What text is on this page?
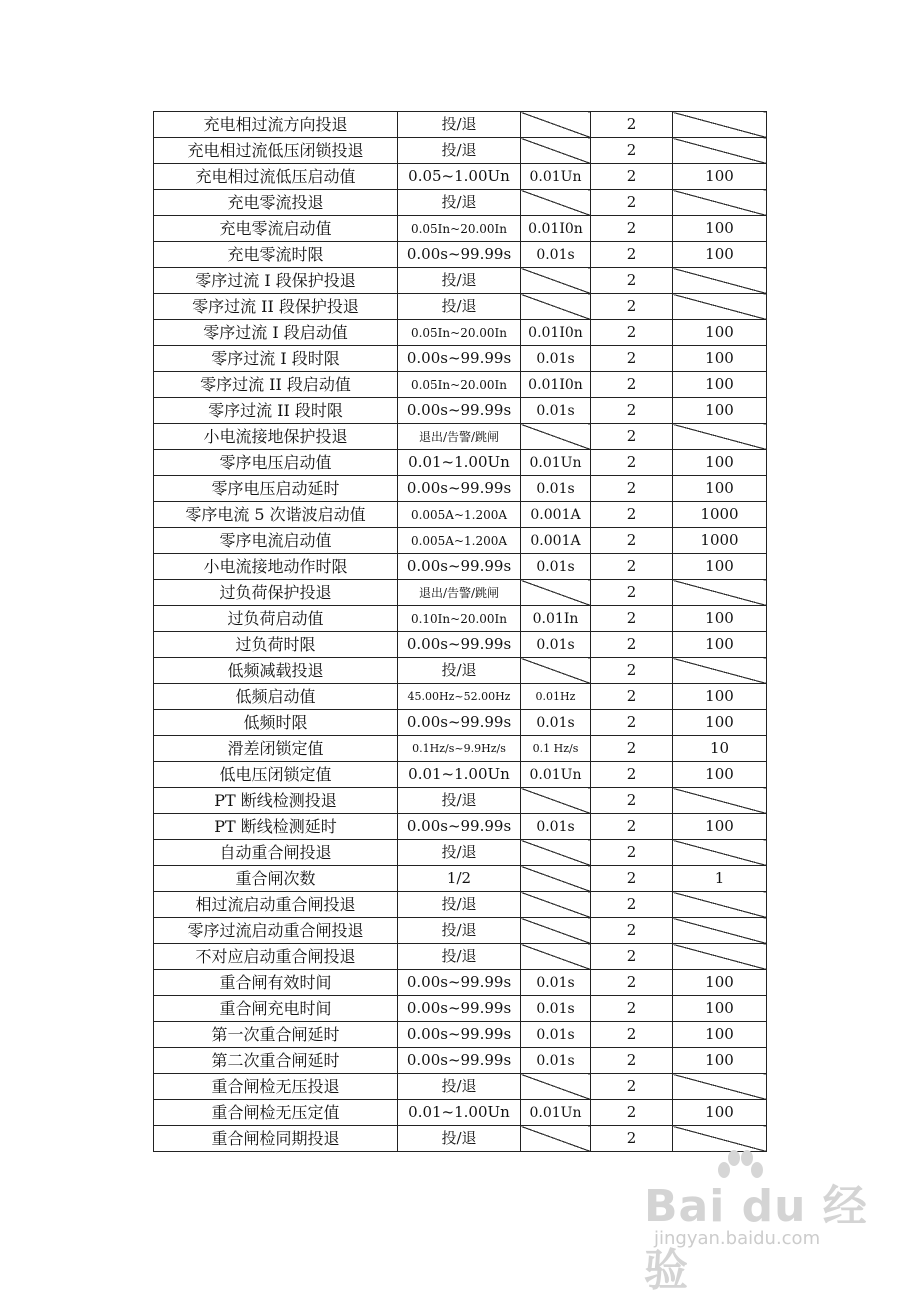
充电相过流方向投退	投/退		2	
充电相过流低压闭锁投退	投/退		2	
充电相过流低压启动值	0.05~1.00Un	0.01Un	2	100
充电零流投退	投/退		2	
充电零流启动值	0.05In~20.00In	0.01I0n	2	100
充电零流时限	0.00s~99.99s	0.01s	2	100
零序过流 I 段保护投退	投/退		2	
零序过流 II 段保护投退	投/退		2	
零序过流 I 段启动值	0.05In~20.00In	0.01I0n	2	100
零序过流 I 段时限	0.00s~99.99s	0.01s	2	100
零序过流 II 段启动值	0.05In~20.00In	0.01I0n	2	100
零序过流 II 段时限	0.00s~99.99s	0.01s	2	100
小电流接地保护投退	退出/告警/跳闸		2	
零序电压启动值	0.01~1.00Un	0.01Un	2	100
零序电压启动延时	0.00s~99.99s	0.01s	2	100
零序电流 5 次谐波启动值	0.005A~1.200A	0.001A	2	1000
零序电流启动值	0.005A~1.200A	0.001A	2	1000
小电流接地动作时限	0.00s~99.99s	0.01s	2	100
过负荷保护投退	退出/告警/跳闸		2	
过负荷启动值	0.10In~20.00In	0.01In	2	100
过负荷时限	0.00s~99.99s	0.01s	2	100
低频减载投退	投/退		2	
低频启动值	45.00Hz~52.00Hz	0.01Hz	2	100
低频时限	0.00s~99.99s	0.01s	2	100
滑差闭锁定值	0.1Hz/s~9.9Hz/s	0.1 Hz/s	2	10
低电压闭锁定值	0.01~1.00Un	0.01Un	2	100
PT 断线检测投退	投/退		2	
PT 断线检测延时	0.00s~99.99s	0.01s	2	100
自动重合闸投退	投/退		2	
重合闸次数	1/2		2	1
相过流启动重合闸投退	投/退		2	
零序过流启动重合闸投退	投/退		2	
不对应启动重合闸投退	投/退		2	
重合闸有效时间	0.00s~99.99s	0.01s	2	100
重合闸充电时间	0.00s~99.99s	0.01s	2	100
第一次重合闸延时	0.00s~99.99s	0.01s	2	100
第二次重合闸延时	0.00s~99.99s	0.01s	2	100
重合闸检无压投退	投/退		2	
重合闸检无压定值	0.01~1.00Un	0.01Un	2	100
重合闸检同期投退	投/退		2	
Bai du 经验
jingyan.baidu.com
